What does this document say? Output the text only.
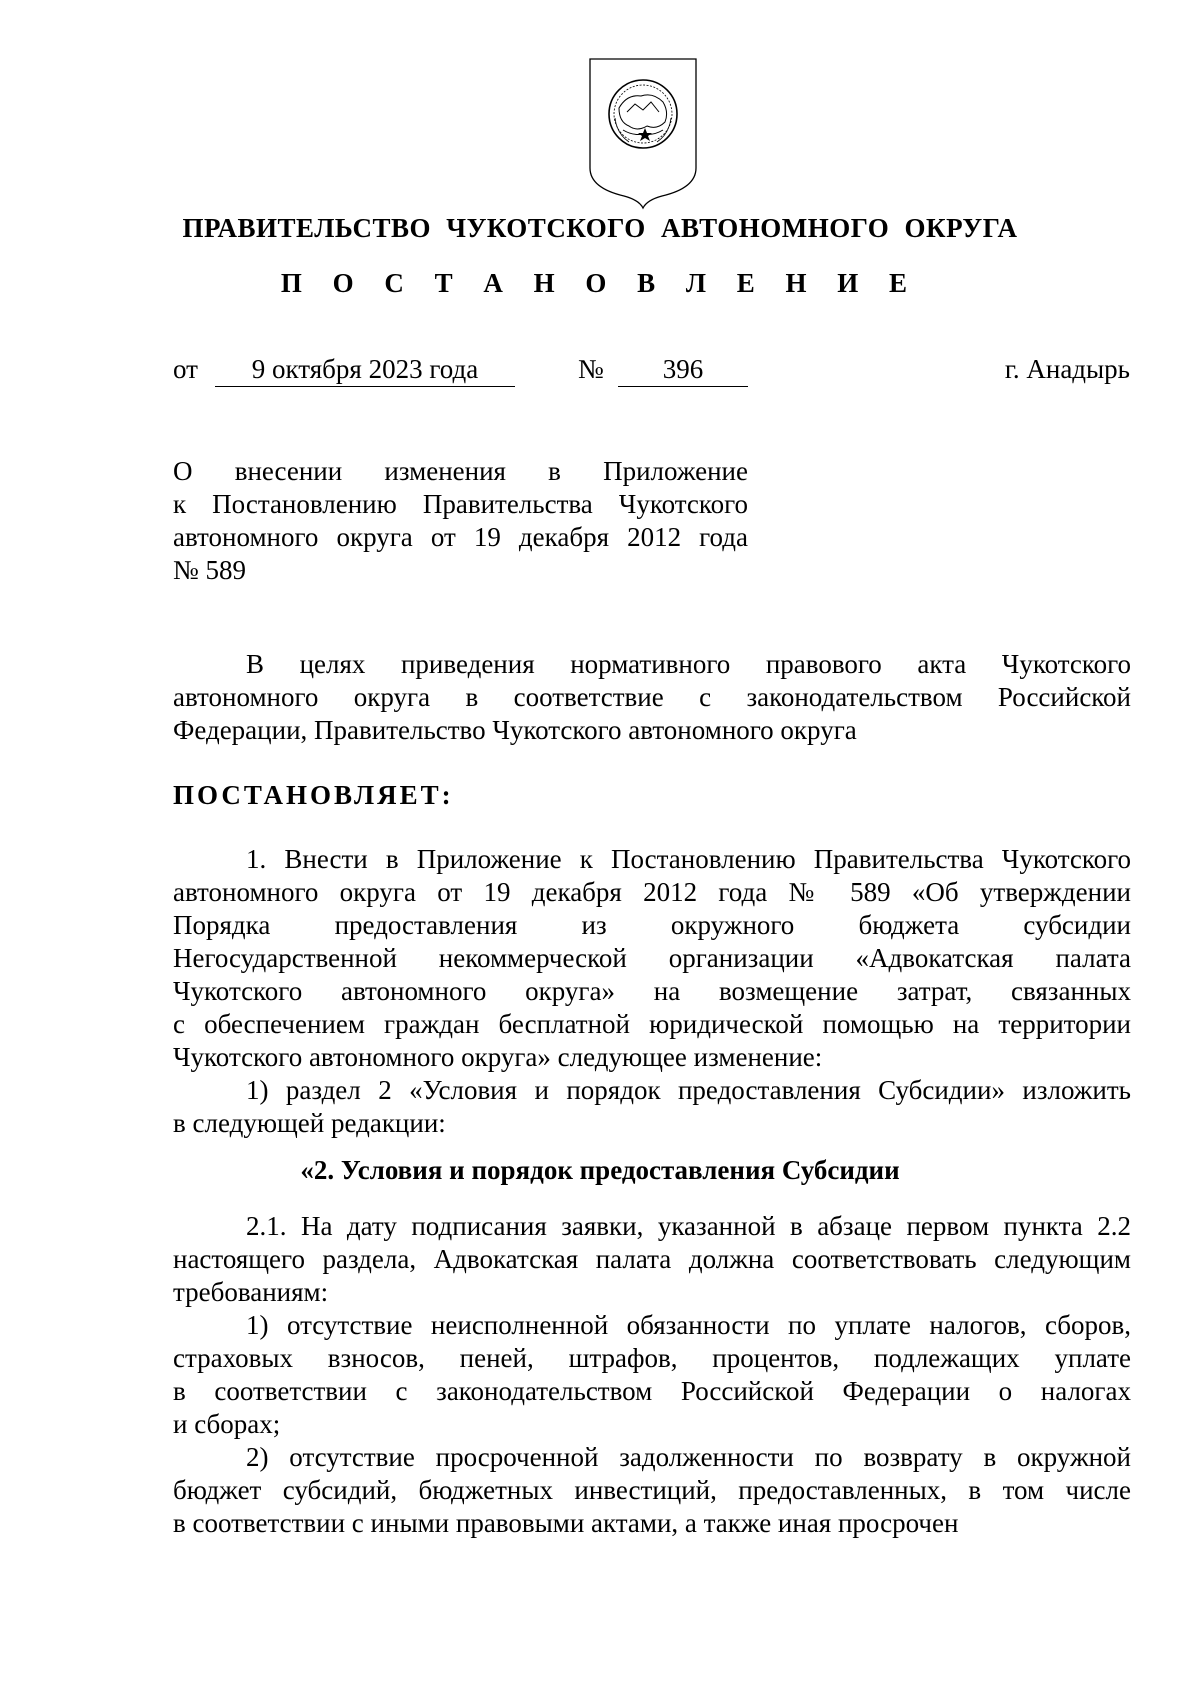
ПРАВИТЕЛЬСТВО ЧУКОТСКОГО АВТОНОМНОГО ОКРУГА
П О С Т А Н О В Л Е Н И Е
от	9 октября 2023 года	№	396	г. Анадырь
О внесении изменения в Приложение
к Постановлению Правительства Чукотского
автономного округа от 19 декабря 2012 года
№ 589
В целях приведения нормативного правового акта Чукотского
автономного округа в соответствие с законодательством Российской
Федерации, Правительство Чукотского автономного округа
ПОСТАНОВЛЯЕТ:
1. Внести в Приложение к Постановлению Правительства Чукотского
автономного округа от 19 декабря 2012 года № 589 «Об утверждении
Порядка предоставления из окружного бюджета субсидии
Негосударственной некоммерческой организации «Адвокатская палата
Чукотского автономного округа» на возмещение затрат, связанных
с обеспечением граждан бесплатной юридической помощью на территории
Чукотского автономного округа» следующее изменение:
1) раздел 2 «Условия и порядок предоставления Субсидии» изложить
в следующей редакции:
«2. Условия и порядок предоставления Субсидии
2.1. На дату подписания заявки, указанной в абзаце первом пункта 2.2
настоящего раздела, Адвокатская палата должна соответствовать следующим
требованиям:
1) отсутствие неисполненной обязанности по уплате налогов, сборов,
страховых взносов, пеней, штрафов, процентов, подлежащих уплате
в соответствии с законодательством Российской Федерации о налогах
и сборах;
2) отсутствие просроченной задолженности по возврату в окружной
бюджет субсидий, бюджетных инвестиций, предоставленных, в том числе
в соответствии с иными правовыми актами, а также иная просрочен
